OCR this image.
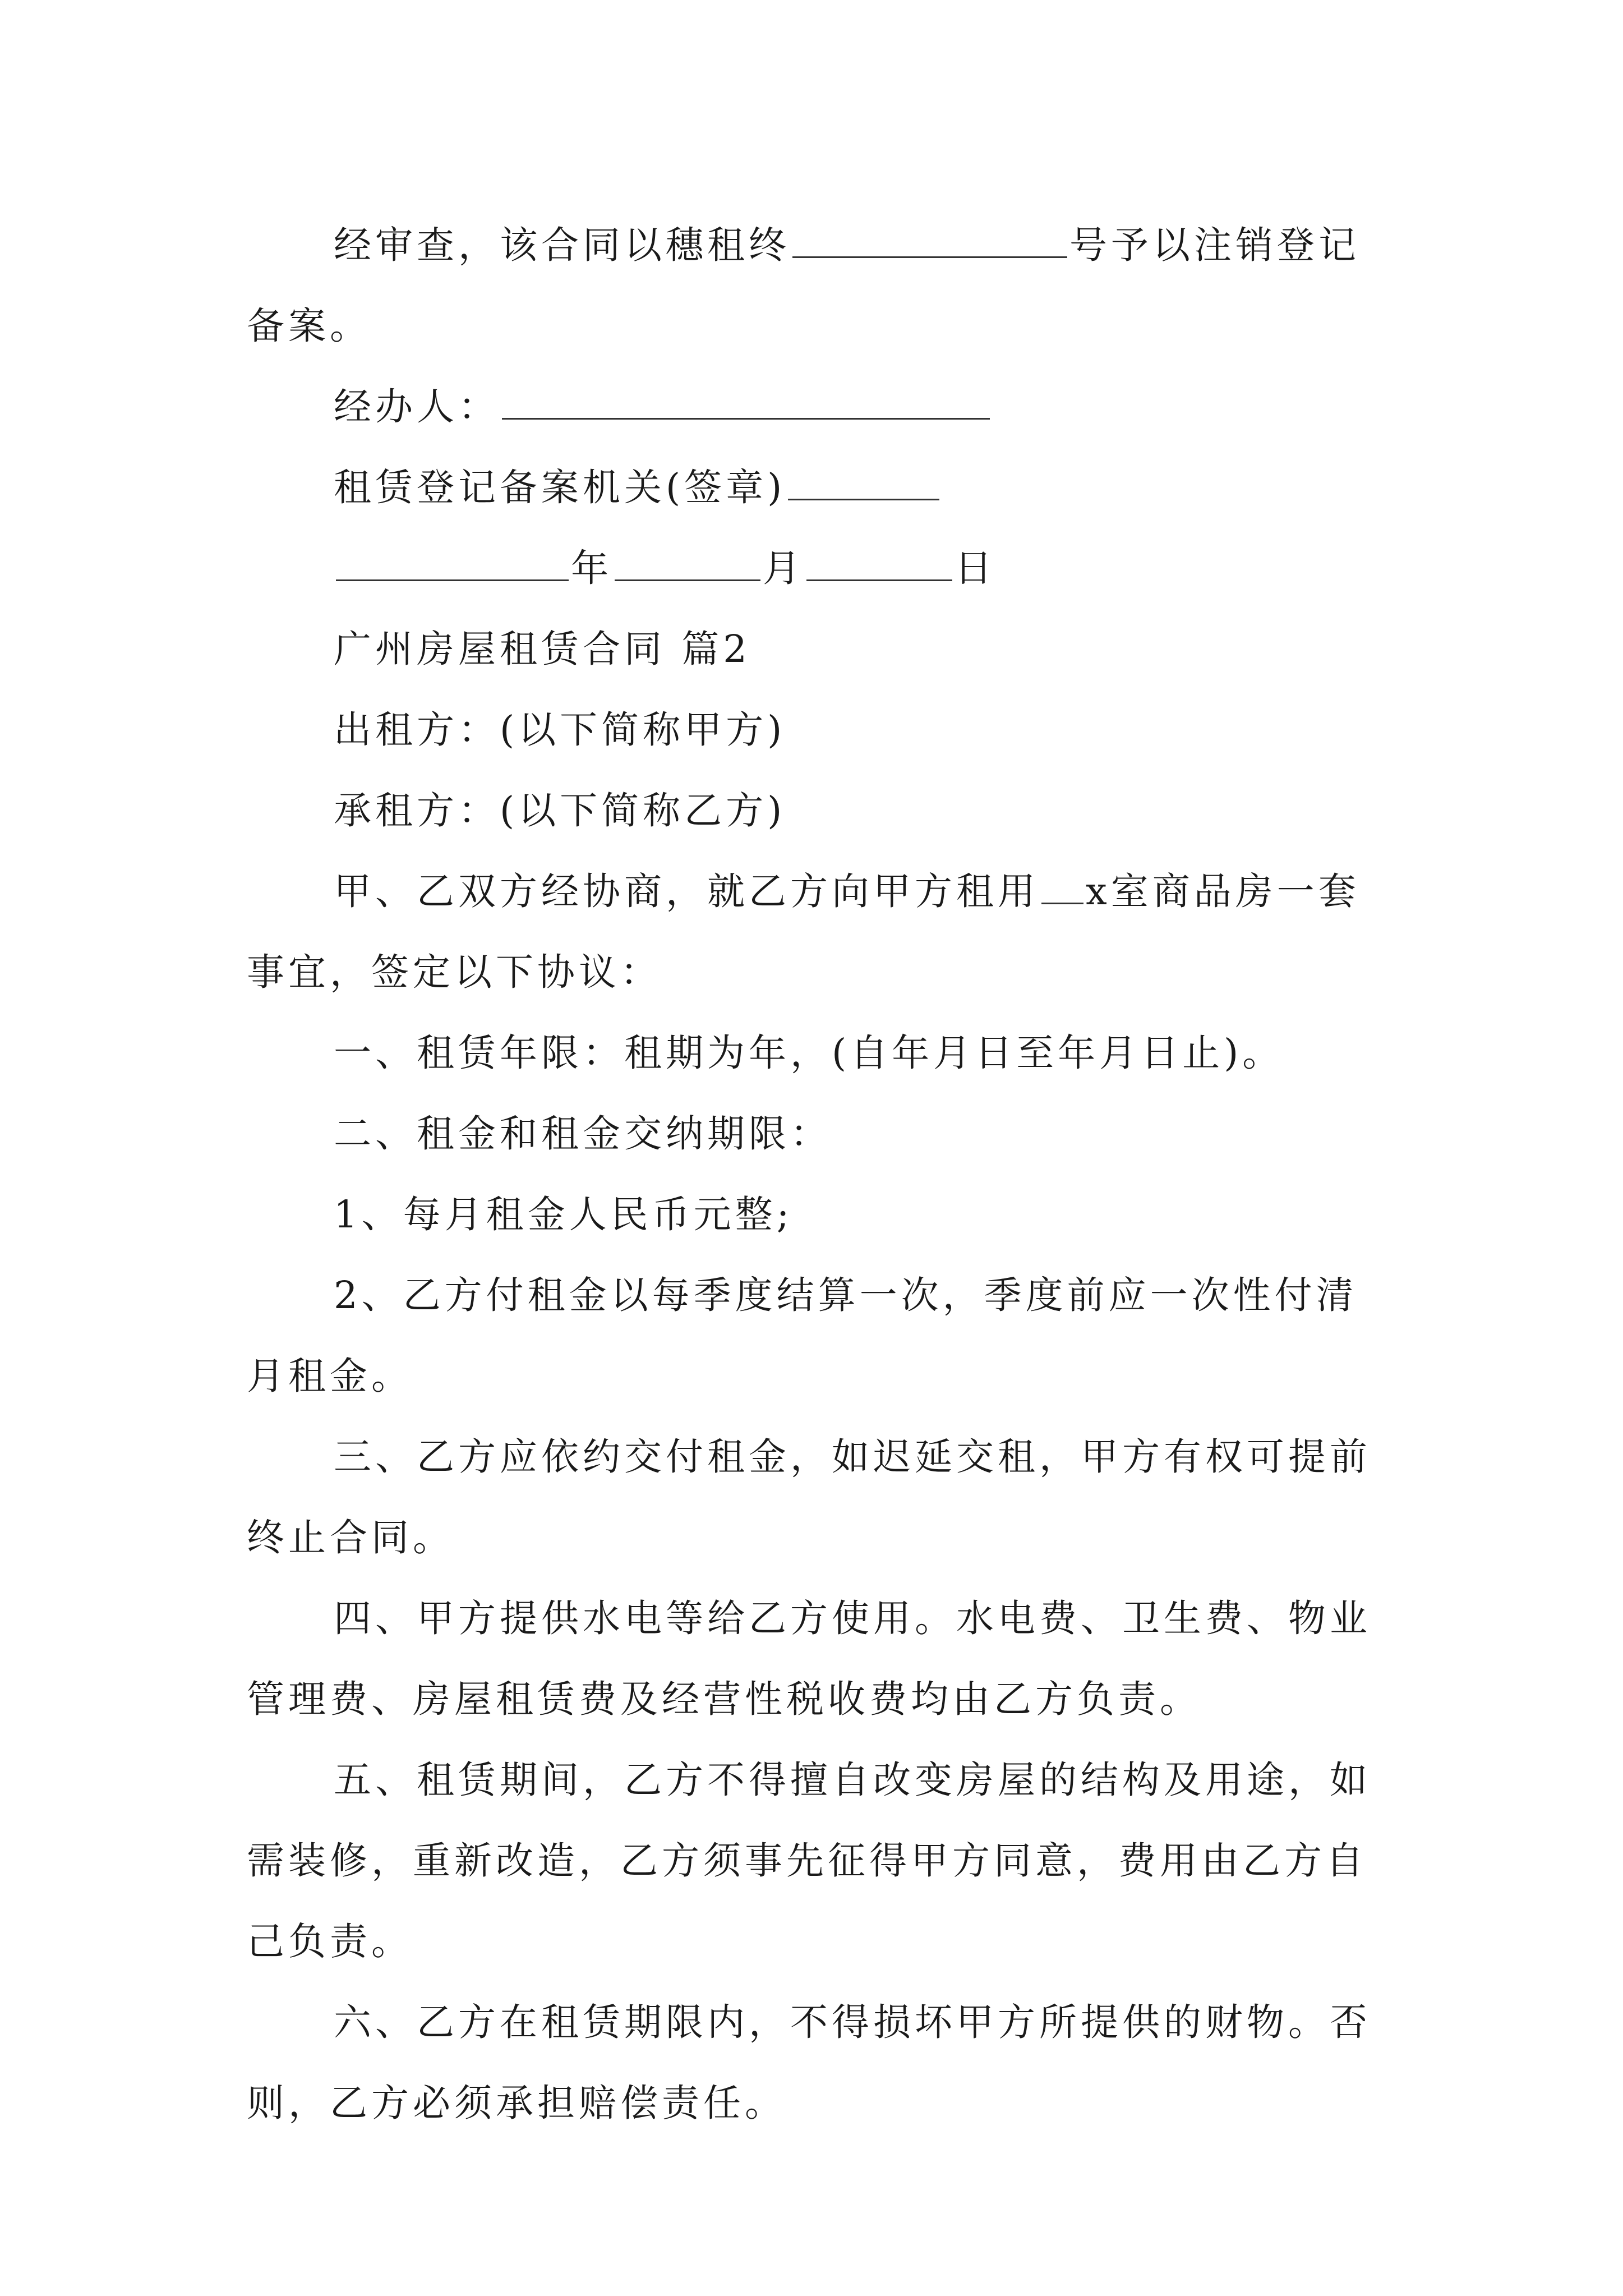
经审查，该合同以穗租终	号予以注销登记备案。

经办人：

租赁登记备案机关(签章)

年	月	日

广州房屋租赁合同 篇2

出租方：(以下简称甲方)

承租方：(以下简称乙方)

甲、乙双方经协商，就乙方向甲方租用 x室商品房一套事宜，签定以下协议：

一、租赁年限：租期为年，(自年月日至年月日止)。

二、租金和租金交纳期限：

1、每月租金人民币元整;

2、乙方付租金以每季度结算一次，季度前应一次性付清月租金。

三、乙方应依约交付租金，如迟延交租，甲方有权可提前终止合同。

四、甲方提供水电等给乙方使用。水电费、卫生费、物业管理费、房屋租赁费及经营性税收费均由乙方负责。

五、租赁期间，乙方不得擅自改变房屋的结构及用途，如需装修，重新改造，乙方须事先征得甲方同意，费用由乙方自己负责。

六、乙方在租赁期限内，不得损坏甲方所提供的财物。否则，乙方必须承担赔偿责任。
